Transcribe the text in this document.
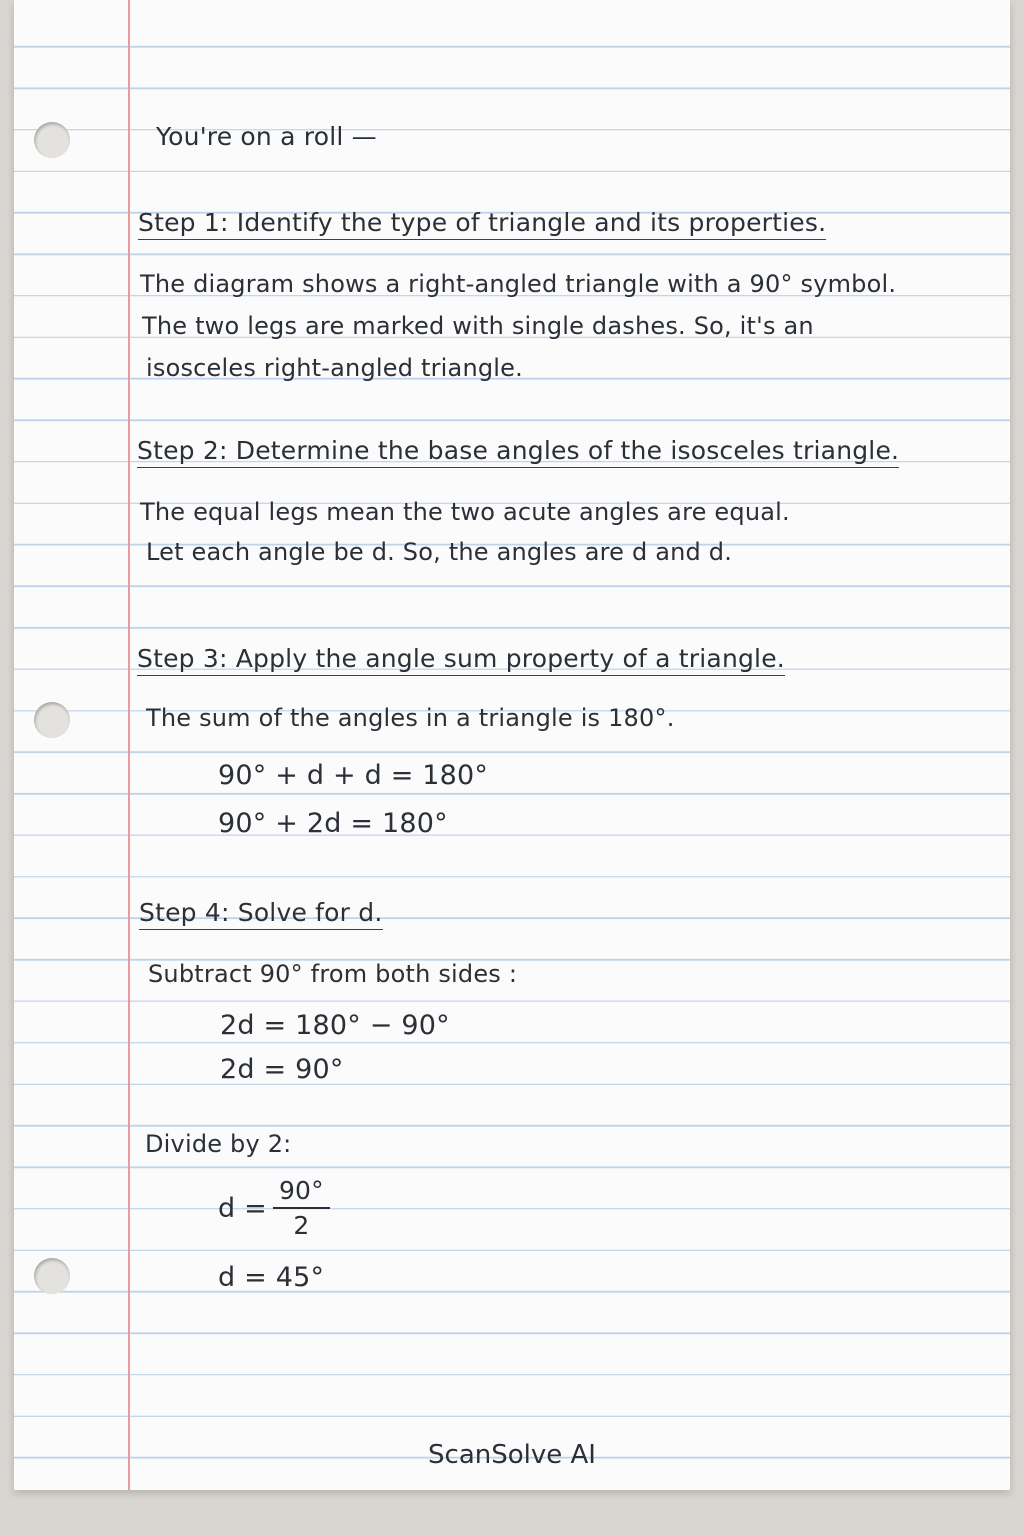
You're on a roll —
Step 1: Identify the type of triangle and its properties.
The diagram shows a right-angled triangle with a 90° symbol.
The two legs are marked with single dashes. So, it's an
isosceles right-angled triangle.
Step 2: Determine the base angles of the isosceles triangle.
The equal legs mean the two acute angles are equal.
Let each angle be d. So, the angles are d and d.
Step 3: Apply the angle sum property of a triangle.
The sum of the angles in a triangle is 180°.
90° + d + d = 180°
90° + 2d = 180°
Step 4: Solve for d.
Subtract 90° from both sides :
2d = 180° − 90°
2d = 90°
Divide by 2:
$d = \frac{90^\circ}{2}$
d = 45°
ScanSolve AI
